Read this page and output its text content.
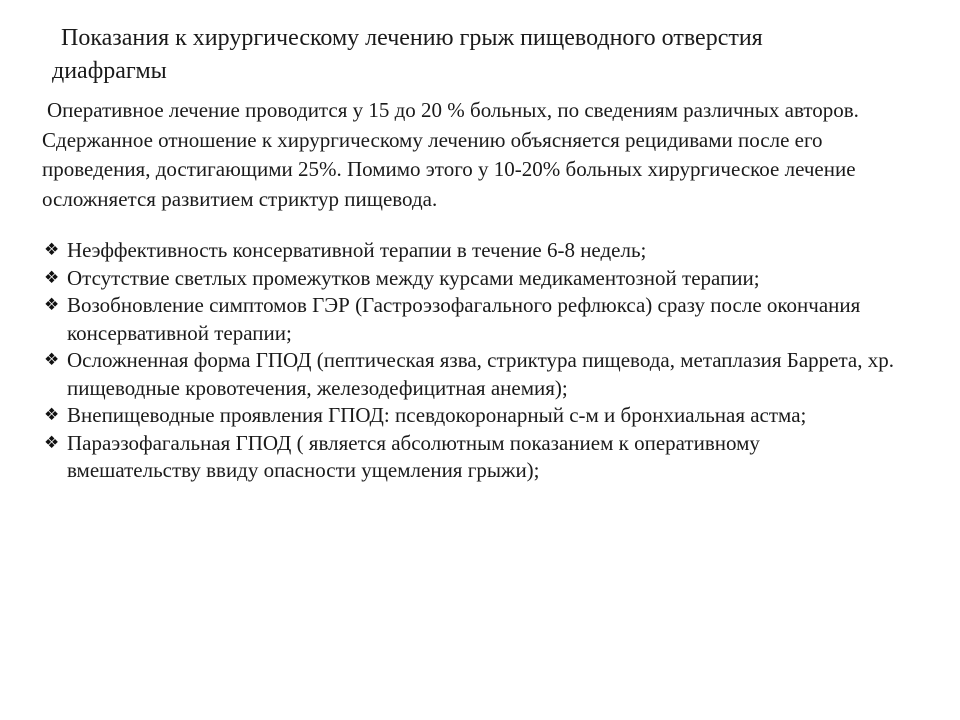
Показания к хирургическому лечению грыж пищеводного отверстия
диафрагмы

Оперативное лечение проводится у 15 до 20 % больных, по сведениям различных авторов. Сдержанное отношение к хирургическому лечению объясняется рецидивами после его проведения, достигающими 25%. Помимо этого у 10-20% больных хирургическое лечение осложняется развитием стриктур пищевода.

❖ Неэффективность консервативной терапии в течение 6-8 недель;
❖ Отсутствие светлых промежутков между курсами медикаментозной терапии;
❖ Возобновление симптомов ГЭР (Гастроэзофагального рефлюкса) сразу после окончания консервативной терапии;
❖ Осложненная форма ГПОД (пептическая язва, стриктура пищевода, метаплазия Баррета, хр. пищеводные кровотечения, железодефицитная анемия);
❖ Внепищеводные проявления ГПОД: псевдокоронарный с-м и бронхиальная астма;
❖ Параэзофагальная ГПОД ( является абсолютным показанием к оперативному вмешательству ввиду опасности ущемления грыжи);
